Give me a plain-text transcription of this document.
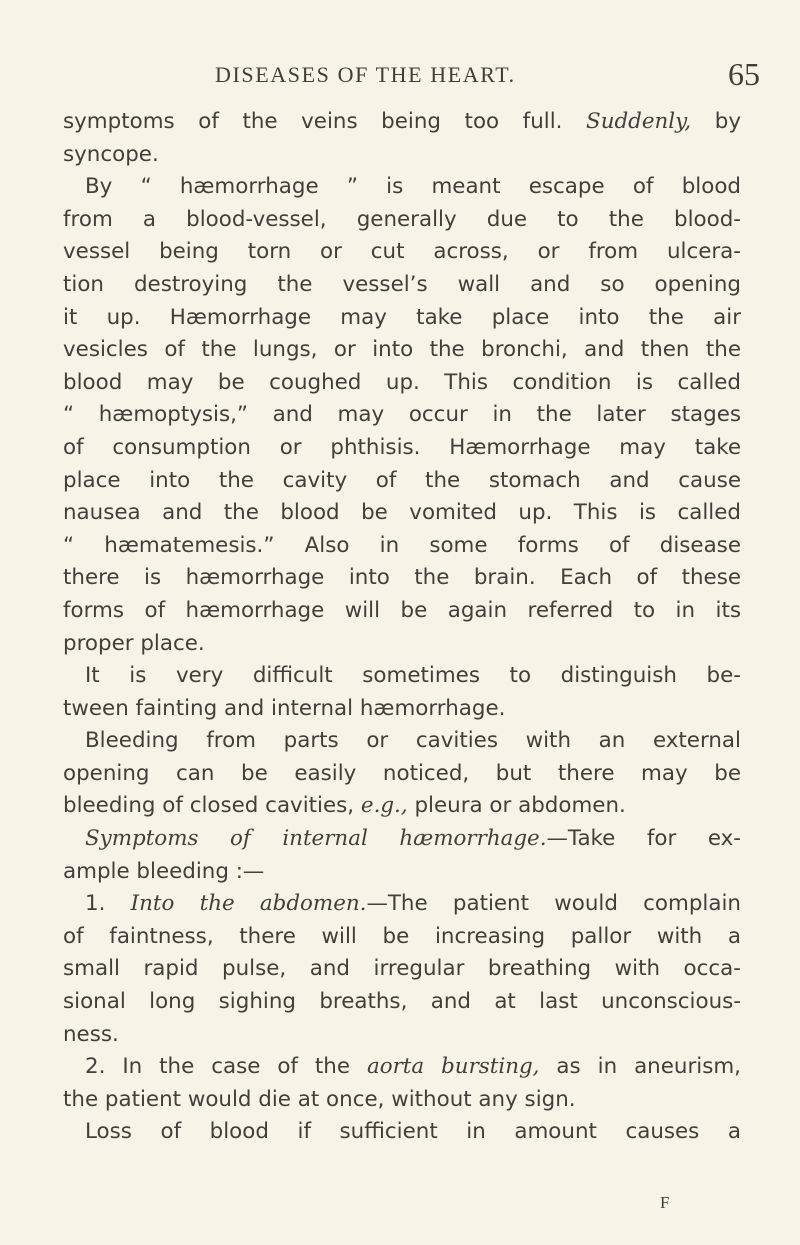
DISEASES OF THE HEART.	65
symptoms of the veins being too full. Suddenly, by
syncope.
By “ hæmorrhage ” is meant escape of blood
from a blood-vessel, generally due to the blood-
vessel being torn or cut across, or from ulcera-
tion destroying the vessel’s wall and so opening
it up. Hæmorrhage may take place into the air
vesicles of the lungs, or into the bronchi, and then the
blood may be coughed up. This condition is called
“ hæmoptysis,” and may occur in the later stages
of consumption or phthisis. Hæmorrhage may take
place into the cavity of the stomach and cause
nausea and the blood be vomited up. This is called
“ hæmatemesis.” Also in some forms of disease
there is hæmorrhage into the brain. Each of these
forms of hæmorrhage will be again referred to in its
proper place.
It is very difficult sometimes to distinguish be-
tween fainting and internal hæmorrhage.
Bleeding from parts or cavities with an external
opening can be easily noticed, but there may be
bleeding of closed cavities, e.g., pleura or abdomen.
Symptoms of internal hæmorrhage.—Take for ex-
ample bleeding :—
1. Into the abdomen.—The patient would complain
of faintness, there will be increasing pallor with a
small rapid pulse, and irregular breathing with occa-
sional long sighing breaths, and at last unconscious-
ness.
2. In the case of the aorta bursting, as in aneurism,
the patient would die at once, without any sign.
Loss of blood if sufficient in amount causes a
F
